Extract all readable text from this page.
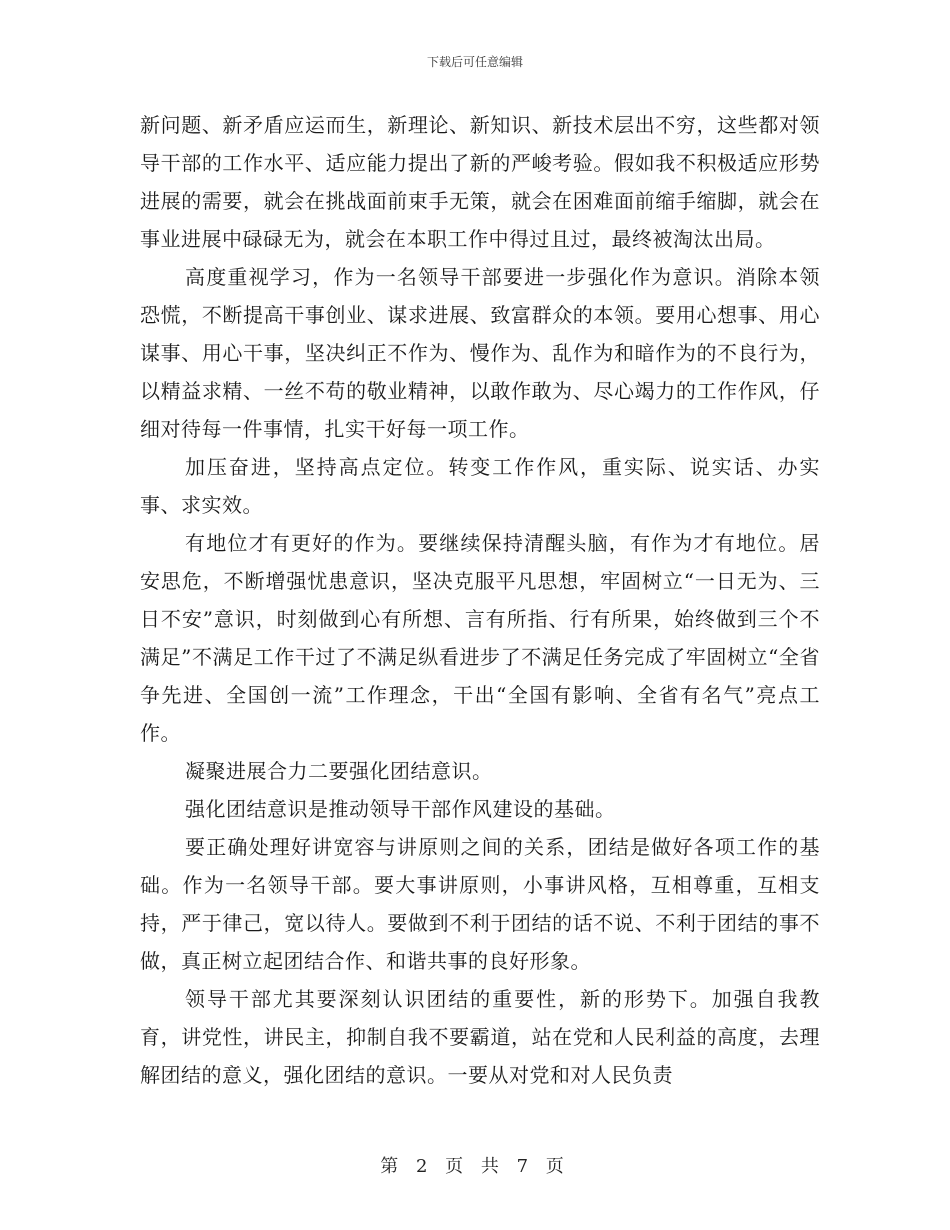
下载后可任意编辑

新问题、新矛盾应运而生，新理论、新知识、新技术层出不穷，这些都对领导干部的工作水平、适应能力提出了新的严峻考验。假如我不积极适应形势进展的需要，就会在挑战面前束手无策，就会在困难面前缩手缩脚，就会在事业进展中碌碌无为，就会在本职工作中得过且过，最终被淘汰出局。

高度重视学习，作为一名领导干部要进一步强化作为意识。消除本领恐慌，不断提高干事创业、谋求进展、致富群众的本领。要用心想事、用心谋事、用心干事，坚决纠正不作为、慢作为、乱作为和暗作为的不良行为，以精益求精、一丝不苟的敬业精神，以敢作敢为、尽心竭力的工作作风，仔细对待每一件事情，扎实干好每一项工作。

加压奋进，坚持高点定位。转变工作作风，重实际、说实话、办实事、求实效。

有地位才有更好的作为。要继续保持清醒头脑，有作为才有地位。居安思危，不断增强忧患意识，坚决克服平凡思想，牢固树立“一日无为、三日不安”意识，时刻做到心有所想、言有所指、行有所果，始终做到三个不满足”不满足工作干过了不满足纵看进步了不满足任务完成了牢固树立“全省争先进、全国创一流”工作理念，干出“全国有影响、全省有名气”亮点工作。

凝聚进展合力二要强化团结意识。

强化团结意识是推动领导干部作风建设的基础。

要正确处理好讲宽容与讲原则之间的关系，团结是做好各项工作的基础。作为一名领导干部。要大事讲原则，小事讲风格，互相尊重，互相支持，严于律己，宽以待人。要做到不利于团结的话不说、不利于团结的事不做，真正树立起团结合作、和谐共事的良好形象。

领导干部尤其要深刻认识团结的重要性，新的形势下。加强自我教育，讲党性，讲民主，抑制自我不要霸道，站在党和人民利益的高度，去理解团结的意义，强化团结的意识。一要从对党和对人民负责

第 2 页 共 7 页
